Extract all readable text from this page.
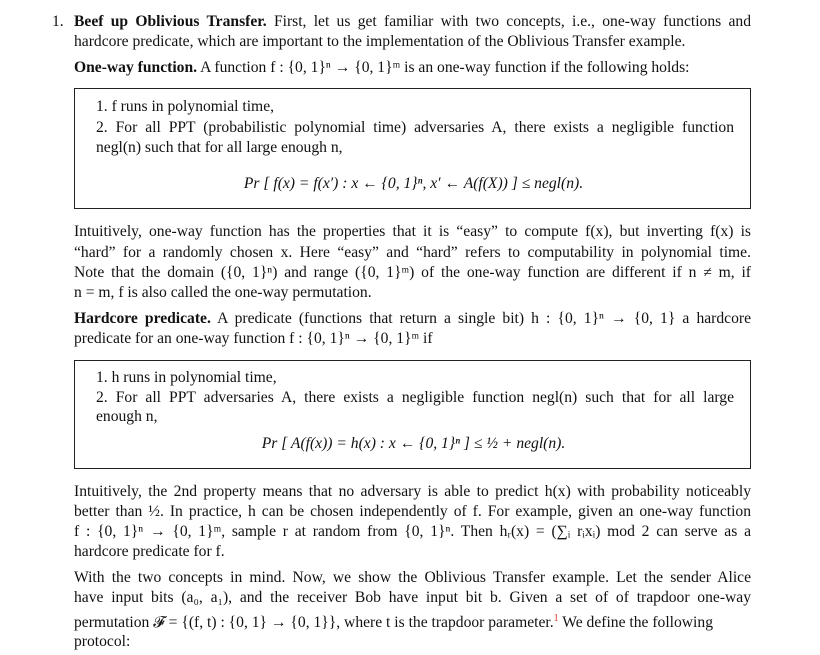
1. Beef up Oblivious Transfer. First, let us get familiar with two concepts, i.e., one-way functions and
hardcore predicate, which are important to the implementation of the Oblivious Transfer example.
One-way function. A function f : {0, 1}ⁿ → {0, 1}ᵐ is an one-way function if the following holds:
1. f runs in polynomial time,
2. For all PPT (probabilistic polynomial time) adversaries A, there exists a negligible function
negl(n) such that for all large enough n,
Pr [ f(x) = f(x′) : x ← {0, 1}ⁿ, x′ ← A(f(X)) ] ≤ negl(n).
Intuitively, one-way function has the properties that it is “easy” to compute f(x), but inverting f(x) is
“hard” for a randomly chosen x. Here “easy” and “hard” refers to computability in polynomial time.
Note that the domain ({0, 1}ⁿ) and range ({0, 1}ᵐ) of the one-way function are different if n ≠ m, if
n = m, f is also called the one-way permutation.
Hardcore predicate. A predicate (functions that return a single bit) h : {0, 1}ⁿ → {0, 1} a hardcore
predicate for an one-way function f : {0, 1}ⁿ → {0, 1}ᵐ if
1. h runs in polynomial time,
2. For all PPT adversaries A, there exists a negligible function negl(n) such that for all large
enough n,
Pr [ A(f(x)) = h(x) : x ← {0, 1}ⁿ ] ≤ ½ + negl(n).
Intuitively, the 2nd property means that no adversary is able to predict h(x) with probability noticeably
better than ½. In practice, h can be chosen independently of f. For example, given an one-way function
f : {0, 1}ⁿ → {0, 1}ᵐ, sample r at random from {0, 1}ⁿ. Then hᵣ(x) = (∑ᵢ rᵢxᵢ) mod 2 can serve as a
hardcore predicate for f.
With the two concepts in mind. Now, we show the Oblivious Transfer example. Let the sender Alice
have input bits (a₀, a₁), and the receiver Bob have input bit b. Given a set of of trapdoor one-way
permutation 𝓕 = {(f, t) : {0, 1} → {0, 1}}, where t is the trapdoor parameter.$^1$ We define the following
protocol:
